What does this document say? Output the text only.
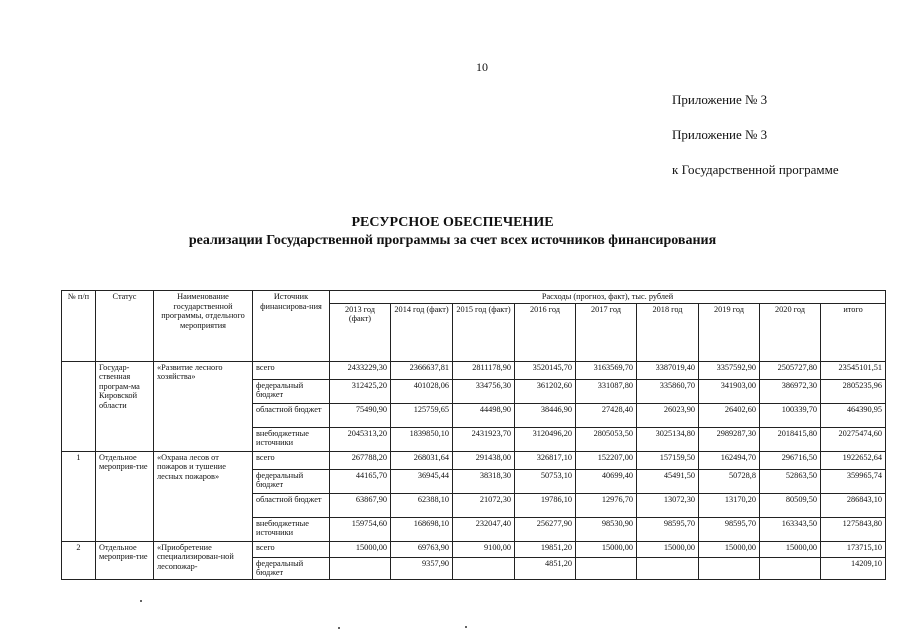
10
Приложение № 3
Приложение № 3
к Государственной программе
РЕСУРСНОЕ ОБЕСПЕЧЕНИЕ
реализации Государственной программы за счет всех источников финансирования
№ п/п	Статус	Наименование государственной программы, отдельного мероприятия	Источник финансирова-ния	Расходы (прогноз, факт), тыс. рублей								
				2013 год (факт)	2014 год (факт)	2015 год (факт)	2016 год	2017 год	2018 год	2019 год	2020 год	итого
	Государ-ственная програм-ма Кировской области	«Развитие лесного хозяйства»	всего	2433229,30	2366637,81	2811178,90	3520145,70	3163569,70	3387019,40	3357592,90	2505727,80	23545101,51
			федеральный бюджет	312425,20	401028,06	334756,30	361202,60	331087,80	335860,70	341903,00	386972,30	2805235,96
			областной бюджет	75490,90	125759,65	44498,90	38446,90	27428,40	26023,90	26402,60	100339,70	464390,95
			внебюджетные источники	2045313,20	1839850,10	2431923,70	3120496,20	2805053,50	3025134,80	2989287,30	2018415,80	20275474,60
1	Отдельное мероприя-тие	«Охрана лесов от пожаров и тушение лесных пожаров»	всего	267788,20	268031,64	291438,00	326817,10	152207,00	157159,50	162494,70	296716,50	1922652,64
			федеральный бюджет	44165,70	36945,44	38318,30	50753,10	40699,40	45491,50	50728,8	52863,50	359965,74
			областной бюджет	63867,90	62388,10	21072,30	19786,10	12976,70	13072,30	13170,20	80509,50	286843,10
			внебюджетные источники	159754,60	168698,10	232047,40	256277,90	98530,90	98595,70	98595,70	163343,50	1275843,80
2	Отдельное мероприя-тие	«Приобретение специализирован-ной лесопожар-	всего	15000,00	69763,90	9100,00	19851,20	15000,00	15000,00	15000,00	15000,00	173715,10
			федеральный бюджет		9357,90		4851,20					14209,10
